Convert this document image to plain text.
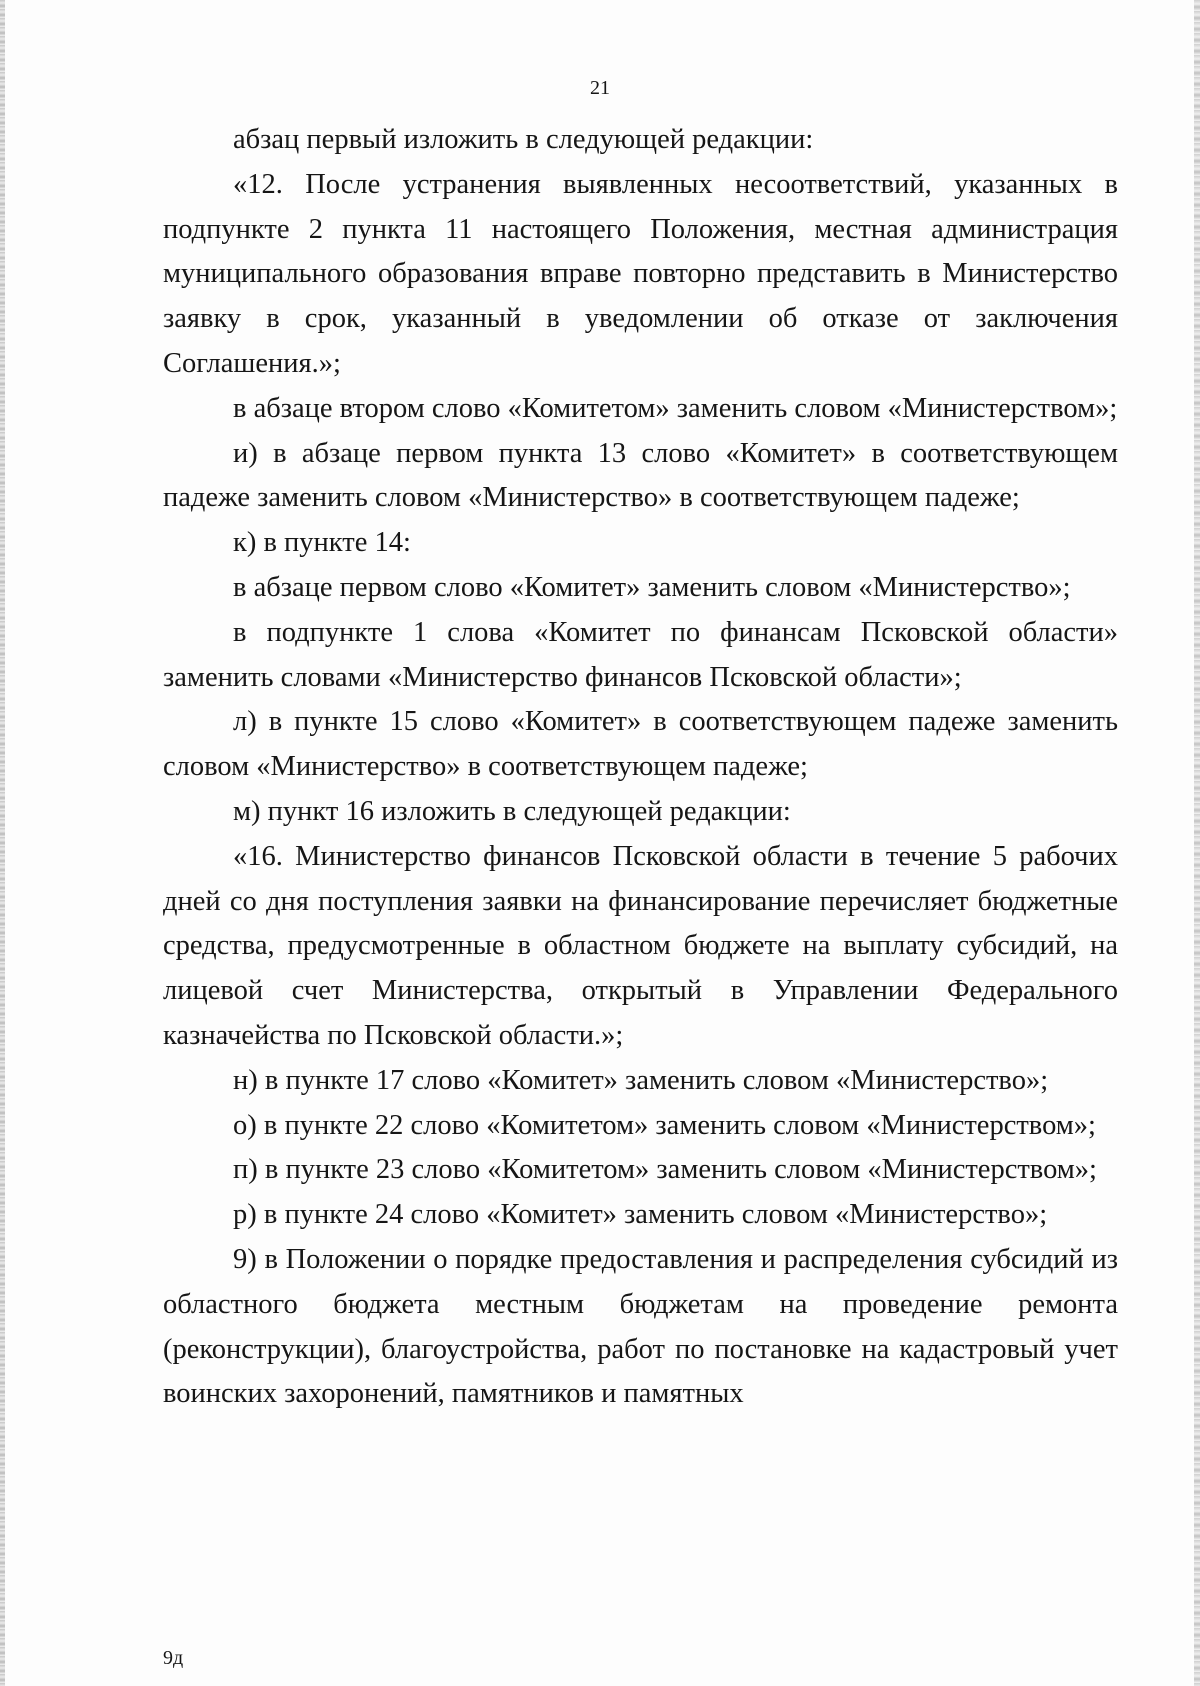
21

абзац первый изложить в следующей редакции:

«12. После устранения выявленных несоответствий, указанных в подпункте 2 пункта 11 настоящего Положения, местная администрация муниципального образования вправе повторно представить в Министерство заявку в срок, указанный в уведомлении об отказе от заключения Соглашения.»;

в абзаце втором слово «Комитетом» заменить словом «Министерством»;

и) в абзаце первом пункта 13 слово «Комитет» в соответствующем падеже заменить словом «Министерство» в соответствующем падеже;

к) в пункте 14:

в абзаце первом слово «Комитет» заменить словом «Министерство»;

в подпункте 1 слова «Комитет по финансам Псковской области» заменить словами «Министерство финансов Псковской области»;

л) в пункте 15 слово «Комитет» в соответствующем падеже заменить словом «Министерство» в соответствующем падеже;

м) пункт 16 изложить в следующей редакции:

«16. Министерство финансов Псковской области в течение 5 рабочих дней со дня поступления заявки на финансирование перечисляет бюджетные средства, предусмотренные в областном бюджете на выплату субсидий, на лицевой счет Министерства, открытый в Управлении Федерального казначейства по Псковской области.»;

н) в пункте 17 слово «Комитет» заменить словом «Министерство»;

о) в пункте 22 слово «Комитетом» заменить словом «Министерством»;

п) в пункте 23 слово «Комитетом» заменить словом «Министерством»;

р) в пункте 24 слово «Комитет» заменить словом «Министерство»;

9) в Положении о порядке предоставления и распределения субсидий из областного бюджета местным бюджетам на проведение ремонта (реконструкции), благоустройства, работ по постановке на кадастровый учет воинских захоронений, памятников и памятных

9д
